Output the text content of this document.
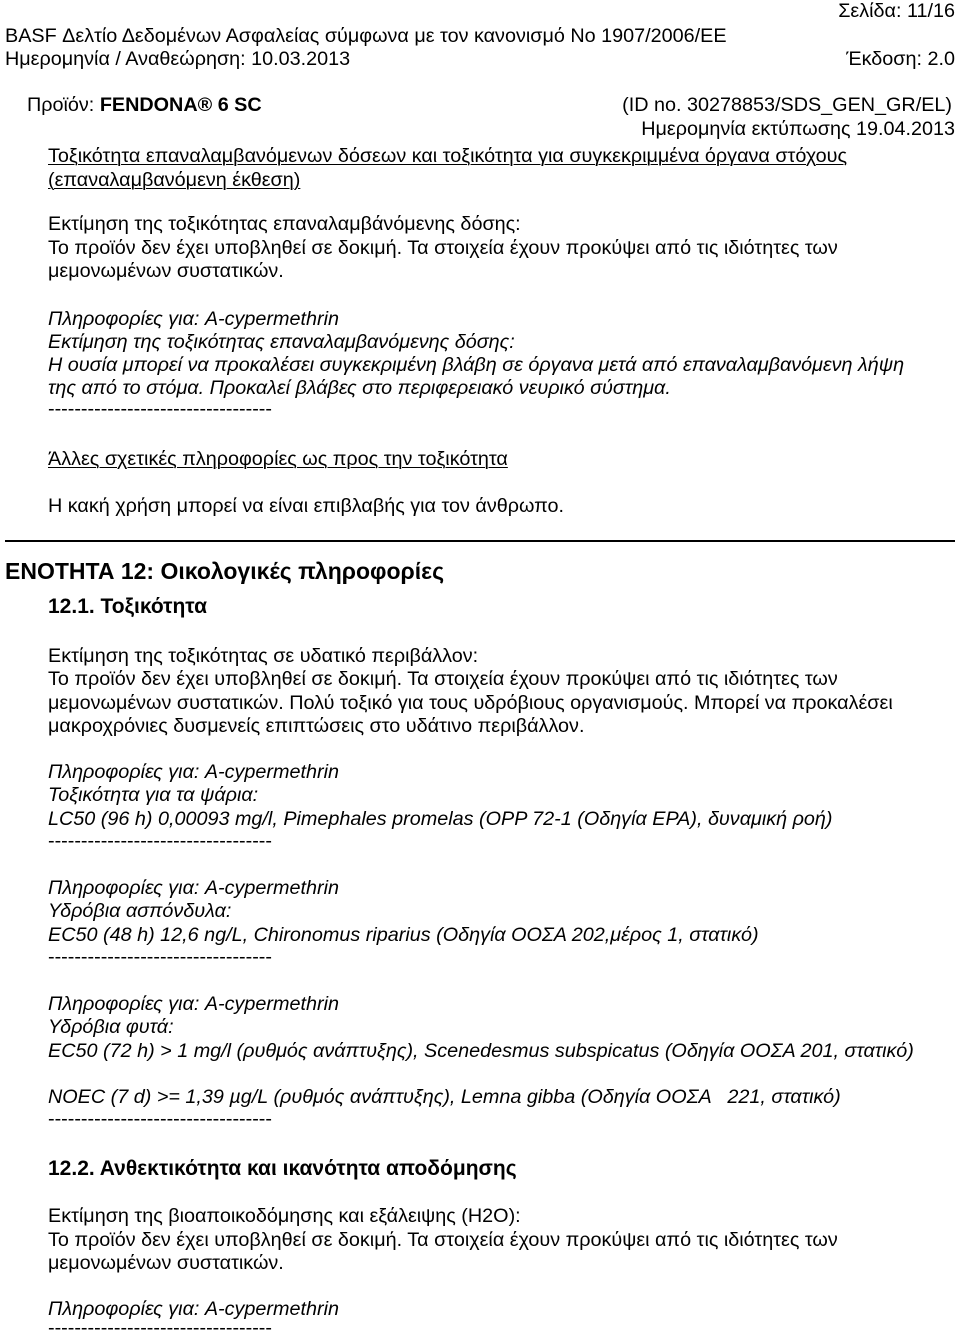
Σελίδα: 11/16
BASF Δελτίο Δεδομένων Ασφαλείας σύμφωνα με τον κανονισμό Νο 1907/2006/ΕΕ
Ημερομηνία / Αναθεώρηση: 10.03.2013	Έκδοση: 2.0

Προϊόν: FENDONA® 6 SC
	(ID no. 30278853/SDS_GEN_GR/EL)
Ημερομηνία εκτύπωσης 19.04.2013
Τοξικότητα επαναλαμβανόμενων δόσεων και τοξικότητα για συγκεκριμμένα όργανα στόχους
(επαναλαμβανόμενη έκθεση)
Εκτίμηση της τοξικότητας επαναλαμβάνόμενης δόσης:
Το προϊόν δεν έχει υποβληθεί σε δοκιμή. Τα στοιχεία έχουν προκύψει από τις ιδιότητες των
μεμονωμένων συστατικών.
Πληροφορίες για: A-cypermethrin
Εκτίμηση της τοξικότητας επαναλαμβανόμενης δόσης:
Η ουσία μπορεί να προκαλέσει συγκεκριμένη βλάβη σε όργανα μετά από επαναλαμβανόμενη λήψη
της από το στόμα. Προκαλεί βλάβες στο περιφερειακό νευρικό σύστημα.
----------------------------------
Άλλες σχετικές πληροφορίες ως προς την τοξικότητα
Η κακή χρήση μπορεί να είναι επιβλαβής για τον άνθρωπο.
ΕΝΟΤΗΤΑ 12: Οικολογικές πληροφορίες
12.1. Τοξικότητα
Εκτίμηση της τοξικότητας σε υδατικό περιβάλλον:
Το προϊόν δεν έχει υποβληθεί σε δοκιμή. Τα στοιχεία έχουν προκύψει από τις ιδιότητες των
μεμονωμένων συστατικών. Πολύ τοξικό για τους υδρόβιους οργανισμούς. Μπορεί να προκαλέσει
μακροχρόνιες δυσμενείς επιπτώσεις στο υδάτινο περιβάλλον.
Πληροφορίες για: A-cypermethrin
Τοξικότητα για τα ψάρια:
LC50 (96 h) 0,00093 mg/l, Pimephales promelas (OPP 72-1 (Οδηγία EPA), δυναμική ροή)
----------------------------------
Πληροφορίες για: A-cypermethrin
Υδρόβια ασπόνδυλα:
EC50 (48 h) 12,6 ng/L, Chironomus riparius (Οδηγία ΟΟΣΑ 202,μέρος 1, στατικό)
----------------------------------
Πληροφορίες για: A-cypermethrin
Υδρόβια φυτά:
EC50 (72 h) > 1 mg/l (ρυθμός ανάπτυξης), Scenedesmus subspicatus (Οδηγία ΟΟΣΑ 201, στατικό)
NOEC (7 d) >= 1,39 µg/L (ρυθμός ανάπτυξης), Lemna gibba (Οδηγία ΟΟΣΑ   221, στατικό)
----------------------------------
12.2. Ανθεκτικότητα και ικανότητα αποδόμησης
Εκτίμηση της βιοαποικοδόμησης και εξάλειψης (H2O):
Το προϊόν δεν έχει υποβληθεί σε δοκιμή. Τα στοιχεία έχουν προκύψει από τις ιδιότητες των
μεμονωμένων συστατικών.
Πληροφορίες για: A-cypermethrin
----------------------------------
